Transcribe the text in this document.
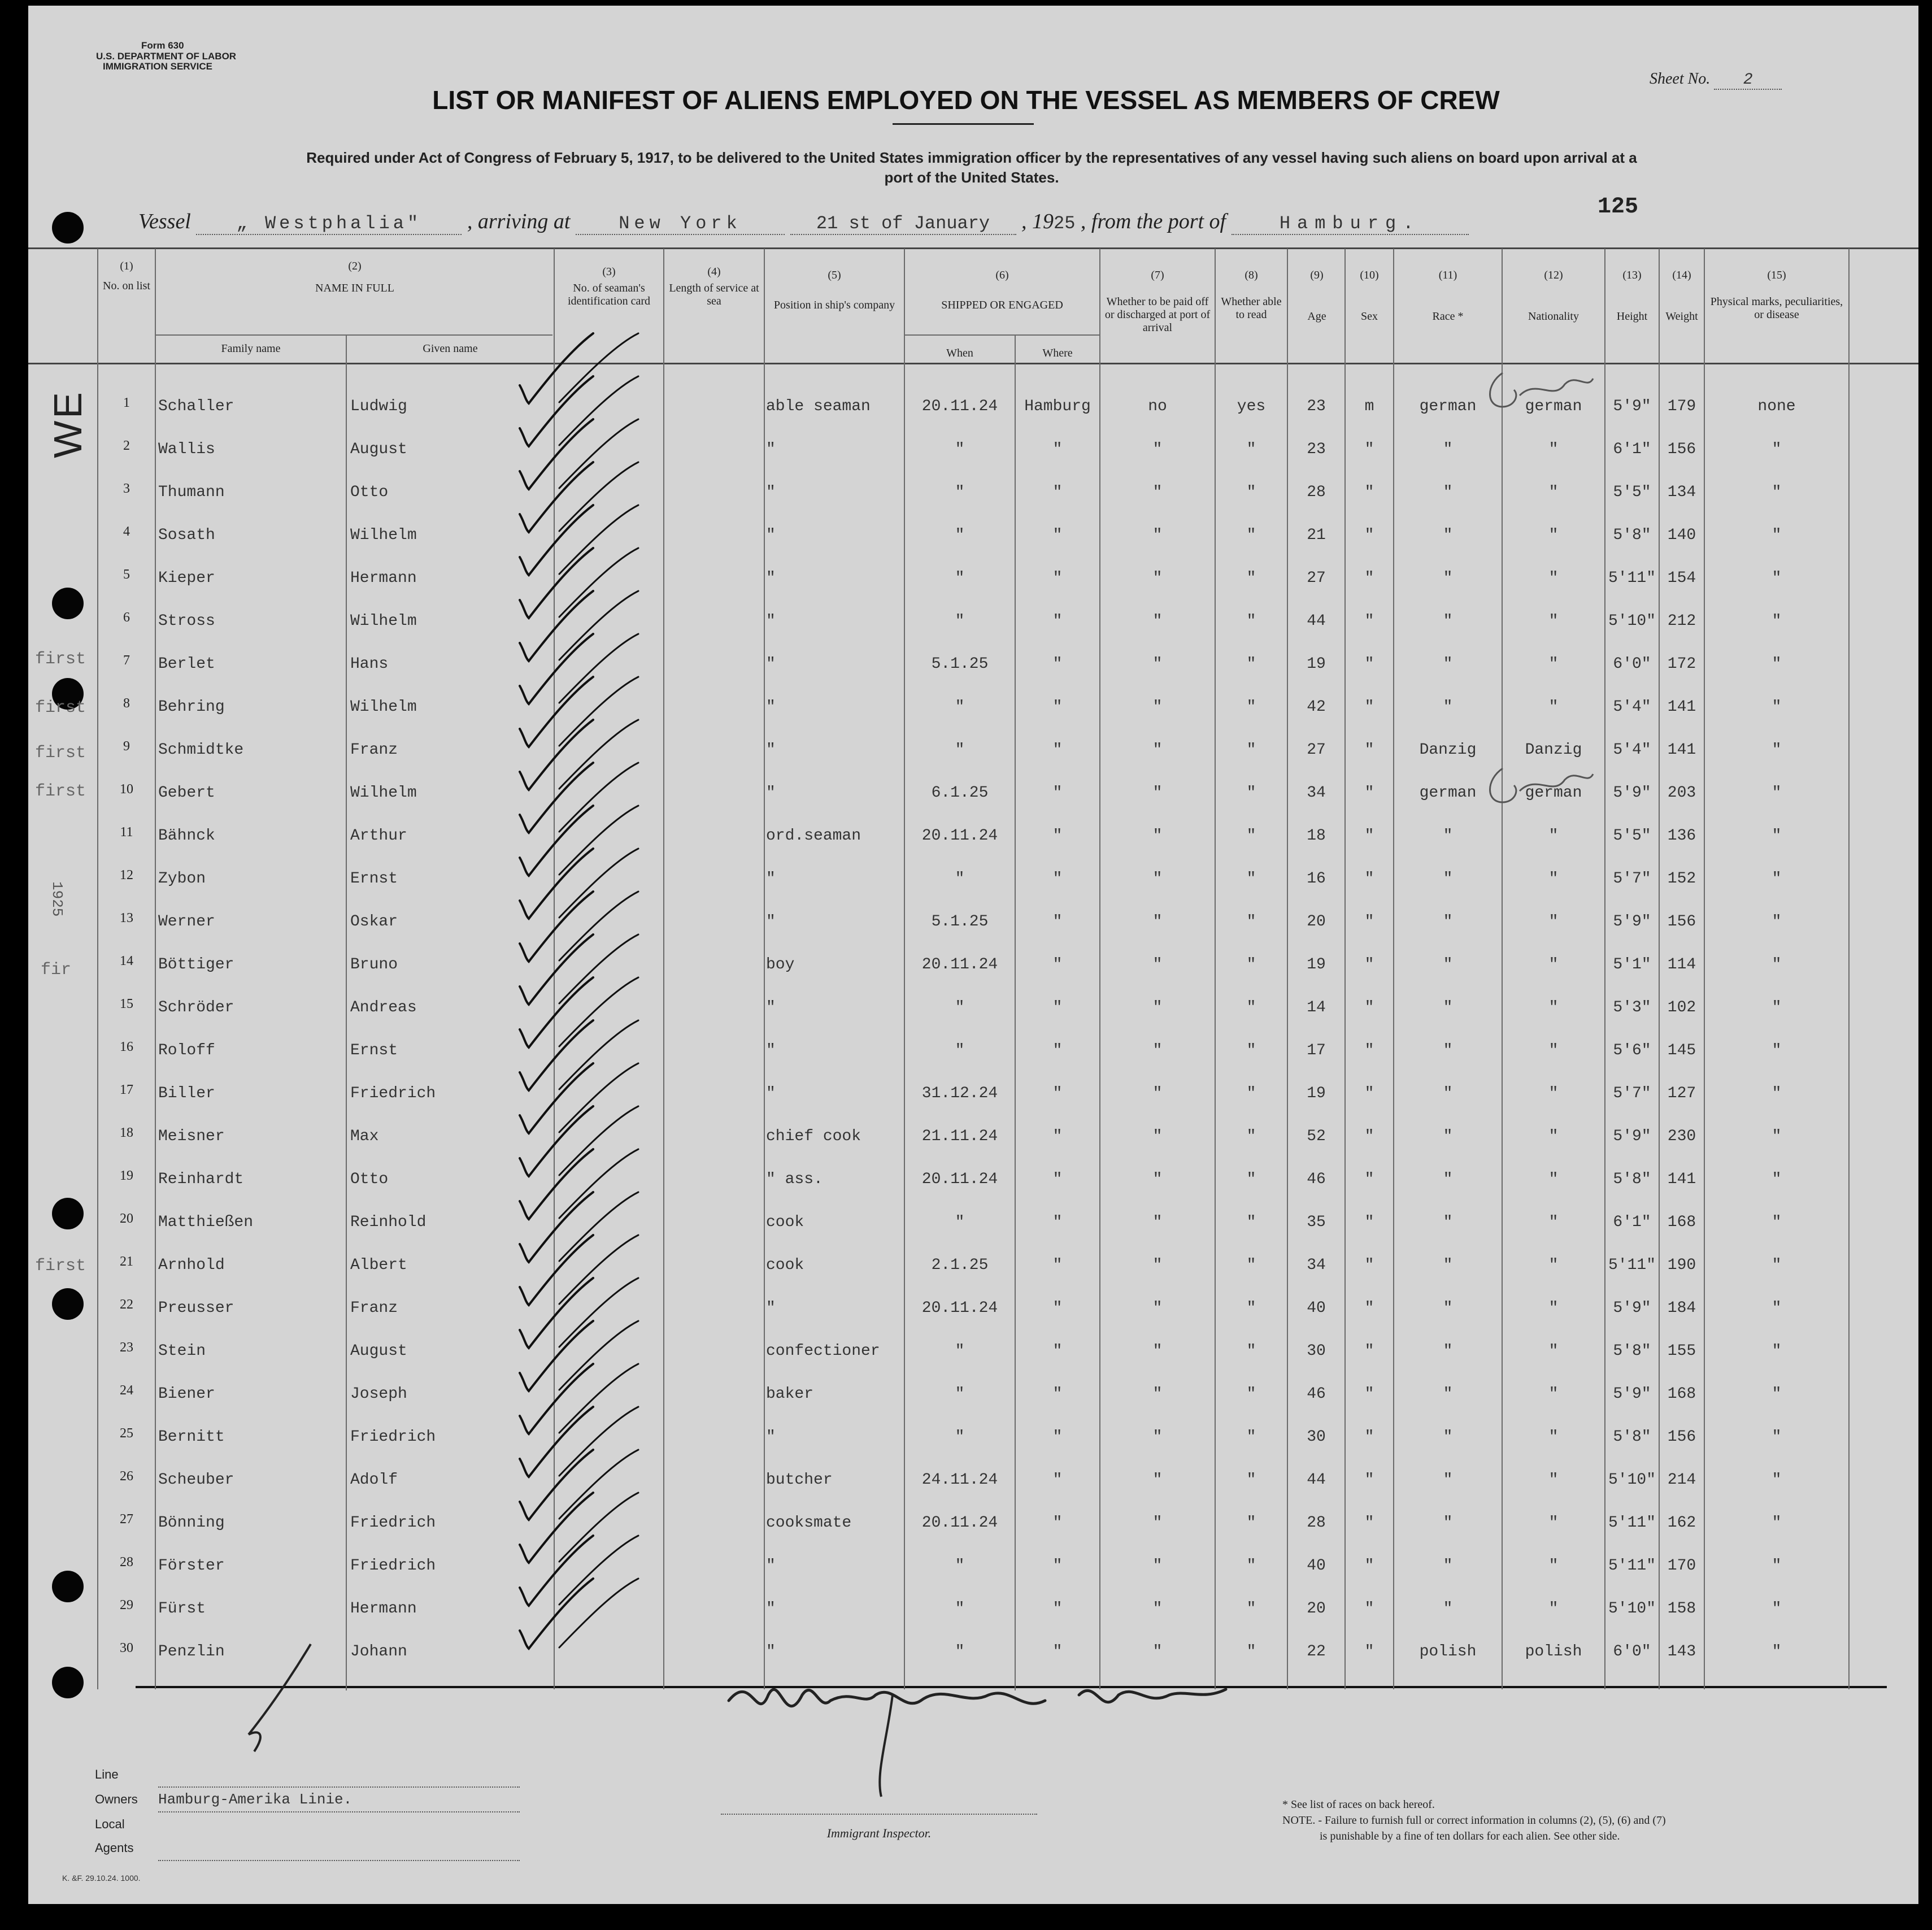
Form 630
U.S. DEPARTMENT OF LABOR
IMMIGRATION SERVICE
Sheet No. 2
LIST OR MANIFEST OF ALIENS EMPLOYED ON THE VESSEL AS MEMBERS OF CREW
Required under Act of Congress of February 5, 1917, to be delivered to the United States immigration officer by the representatives of any vessel having such aliens on board upon arrival at a
port of the United States.
125
Vessel	„ Westphalia" , arriving at	New York	21 st of January , 1925 , from the port of	Hamburg.
(1)
No. on list
(2)
NAME IN FULL
Family name	Given name
(3)
No. of seaman's identification card
(4)
Length of service at sea
(5)
Position in ship's company
(6)
SHIPPED OR ENGAGED
When	Where
(7)
Whether to be paid off or discharged at port of arrival
(8)
Whether able to read
(9)
Age
(10)
Sex
(11)
Race *
(12)
Nationality
(13)
Height
(14)
Weight
(15)
Physical marks, peculiarities, or disease
1	Schaller	Ludwig	able seaman	20.11.24	Hamburg	no	yes	23	m	german	german	5'9"	179	none
2	Wallis	August	"	"	"	"	"	23	"	"	"	6'1"	156	"
3	Thumann	Otto	"	"	"	"	"	28	"	"	"	5'5"	134	"
4	Sosath	Wilhelm	"	"	"	"	"	21	"	"	"	5'8"	140	"
5	Kieper	Hermann	"	"	"	"	"	27	"	"	"	5'11" 154	"
6	Stross	Wilhelm	"	"	"	"	"	44	"	"	"	5'10" 212	"
7	Berlet	Hans	"	5.1.25	"	"	"	19	"	"	"	6'0"	172	"
8	Behring	Wilhelm	"	"	"	"	"	42	"	"	"	5'4"	141	"
9	Schmidtke	Franz	"	"	"	"	"	27	"	Danzig	Danzig	5'4"	141	"
10	Gebert	Wilhelm	"	6.1.25	"	"	"	34	"	german	german	5'9"	203	"
11	Bähnck	Arthur	ord.seaman	20.11.24	"	"	"	18	"	"	"	5'5"	136	"
12	Zybon	Ernst	"	"	"	"	"	16	"	"	"	5'7"	152	"
13	Werner	Oskar	"	5.1.25	"	"	"	20	"	"	"	5'9"	156	"
14	Böttiger	Bruno	boy	20.11.24	"	"	"	19	"	"	"	5'1"	114	"
15	Schröder	Andreas	"	"	"	"	"	14	"	"	"	5'3"	102	"
16	Roloff	Ernst	"	"	"	"	"	17	"	"	"	5'6"	145	"
17	Biller	Friedrich	"	31.12.24	"	"	"	19	"	"	"	5'7"	127	"
18	Meisner	Max	chief cook	21.11.24	"	"	"	52	"	"	"	5'9"	230	"
19	Reinhardt	Otto	" ass.	20.11.24	"	"	"	46	"	"	"	5'8"	141	"
20	Matthießen	Reinhold	cook	"	"	"	"	35	"	"	"	6'1"	168	"
21	Arnhold	Albert	cook	2.1.25	"	"	"	34	"	"	"	5'11" 190	"
22	Preusser	Franz	"	20.11.24	"	"	"	40	"	"	"	5'9"	184	"
23	Stein	August	confectioner	"	"	"	"	30	"	"	"	5'8"	155	"
24	Biener	Joseph	baker	"	"	"	"	46	"	"	"	5'9"	168	"
25	Bernitt	Friedrich	"	"	"	"	"	30	"	"	"	5'8"	156	"
26	Scheuber	Adolf	butcher	24.11.24	"	"	"	44	"	"	"	5'10" 214	"
27	Bönning	Friedrich	cooksmate	20.11.24	"	"	"	28	"	"	"	5'11" 162	"
28	Förster	Friedrich	"	"	"	"	"	40	"	"	"	5'11" 170	"
29	Fürst	Hermann	"	"	"	"	"	20	"	"	"	5'10" 158	"
30	Penzlin	Johann	"	"	"	"	"	22	"	polish	polish	6'0"	143	"
WE
first
first
first
first
fir
first
1925
Line
Owners Hamburg-Amerika Linie.
Local Agents
Immigrant Inspector.
* See list of races on back hereof.
NOTE. - Failure to furnish full or correct information in columns (2), (5), (6) and (7)
is punishable by a fine of ten dollars for each alien. See other side.
K. &F. 29.10.24. 1000.
